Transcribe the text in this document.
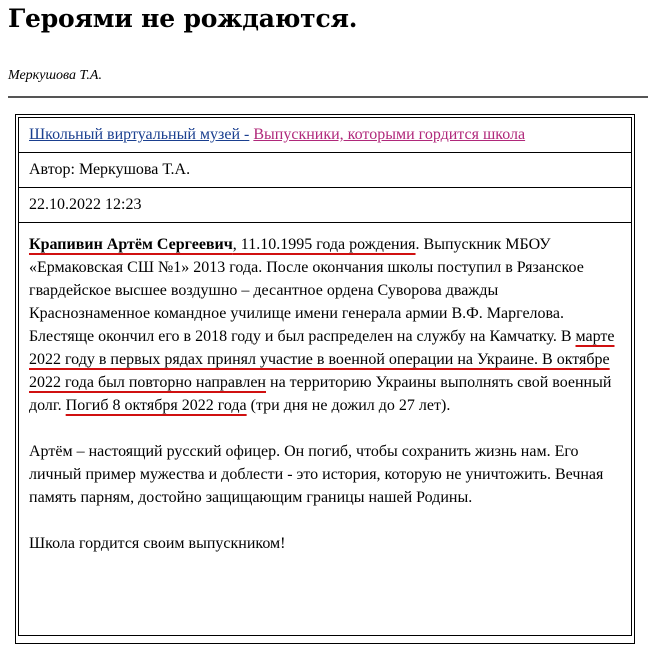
Героями не рождаются.
Меркушова Т.А.
Школьный виртуальный музей - Выпускники, которыми гордится школа
Автор: Меркушова Т.А.
22.10.2022 12:23

Крапивин Артём Сергеевич, 11.10.1995 года рождения. Выпускник МБОУ «Ермаковская СШ №1» 2013 года. После окончания школы поступил в Рязанское гвардейское высшее воздушно – десантное ордена Суворова дважды Краснознаменное командное училище имени генерала армии В.Ф. Маргелова. Блестяще окончил его в 2018 году и был распределен на службу на Камчатку. В марте 2022 году в первых рядах принял участие в военной операции на Украине. В октябре 2022 года был повторно направлен на территорию Украины выполнять свой военный долг. Погиб 8 октября 2022 года (три дня не дожил до 27 лет).

Артём – настоящий русский офицер. Он погиб, чтобы сохранить жизнь нам. Его личный пример мужества и доблести - это история, которую не уничтожить. Вечная память парням, достойно защищающим границы нашей Родины.

Школа гордится своим выпускником!
